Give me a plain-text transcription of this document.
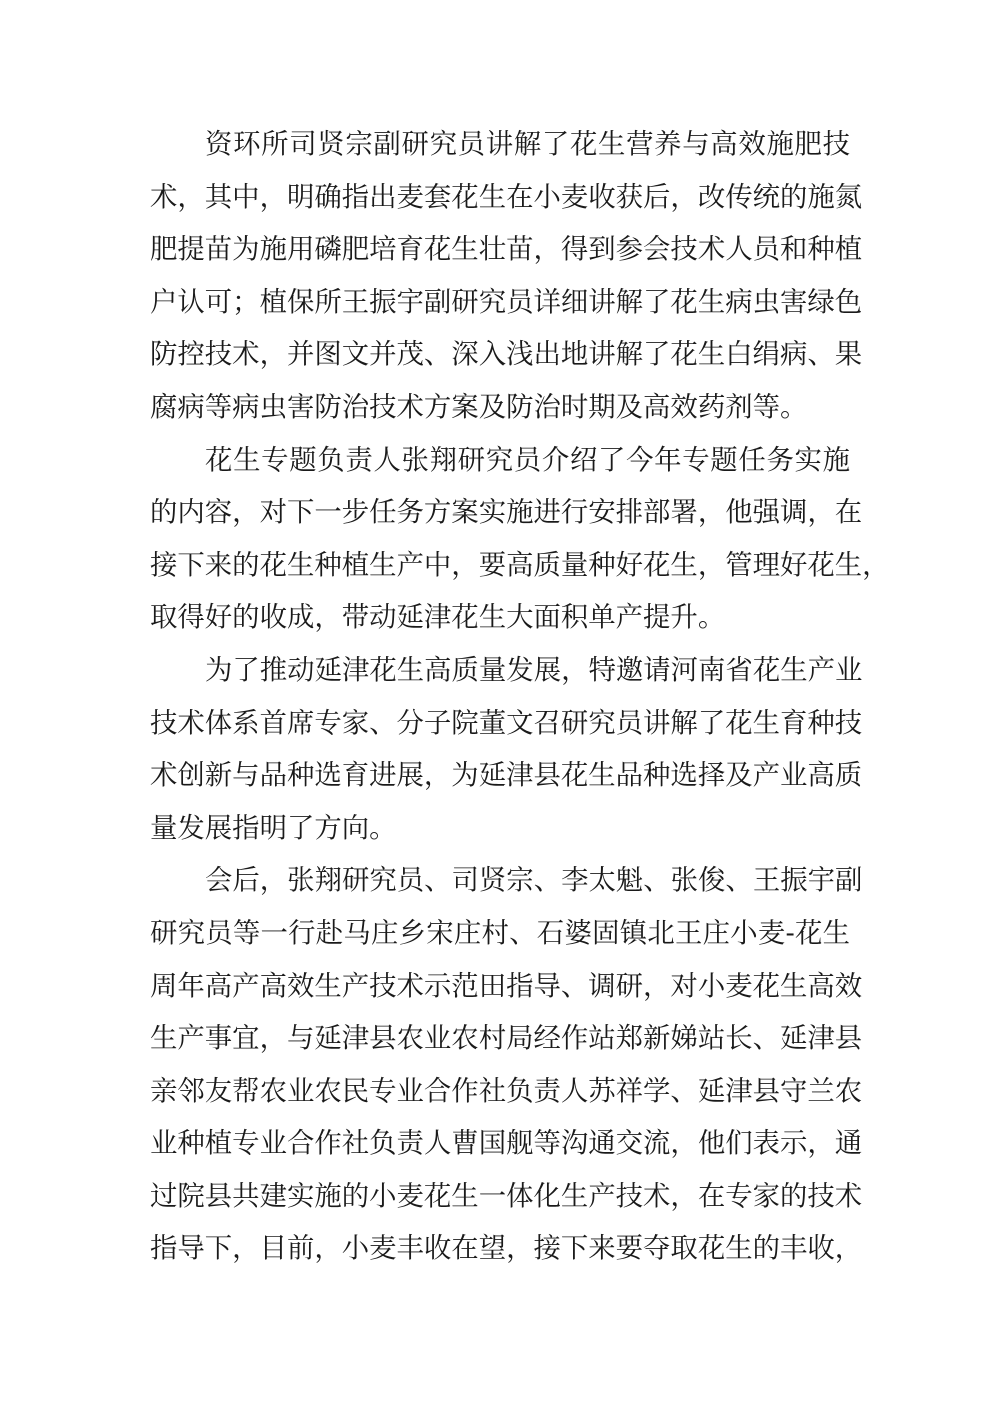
资环所司贤宗副研究员讲解了花生营养与高效施肥技
术，其中，明确指出麦套花生在小麦收获后，改传统的施氮
肥提苗为施用磷肥培育花生壮苗，得到参会技术人员和种植
户认可；植保所王振宇副研究员详细讲解了花生病虫害绿色
防控技术，并图文并茂、深入浅出地讲解了花生白绢病、果
腐病等病虫害防治技术方案及防治时期及高效药剂等。
花生专题负责人张翔研究员介绍了今年专题任务实施
的内容，对下一步任务方案实施进行安排部署，他强调，在
接下来的花生种植生产中，要高质量种好花生，管理好花生，
取得好的收成，带动延津花生大面积单产提升。
为了推动延津花生高质量发展，特邀请河南省花生产业
技术体系首席专家、分子院董文召研究员讲解了花生育种技
术创新与品种选育进展，为延津县花生品种选择及产业高质
量发展指明了方向。
会后，张翔研究员、司贤宗、李太魁、张俊、王振宇副
研究员等一行赴马庄乡宋庄村、石婆固镇北王庄小麦-花生
周年高产高效生产技术示范田指导、调研，对小麦花生高效
生产事宜，与延津县农业农村局经作站郑新娣站长、延津县
亲邻友帮农业农民专业合作社负责人苏祥学、延津县守兰农
业种植专业合作社负责人曹国舰等沟通交流，他们表示，通
过院县共建实施的小麦花生一体化生产技术，在专家的技术
指导下，目前，小麦丰收在望，接下来要夺取花生的丰收，
